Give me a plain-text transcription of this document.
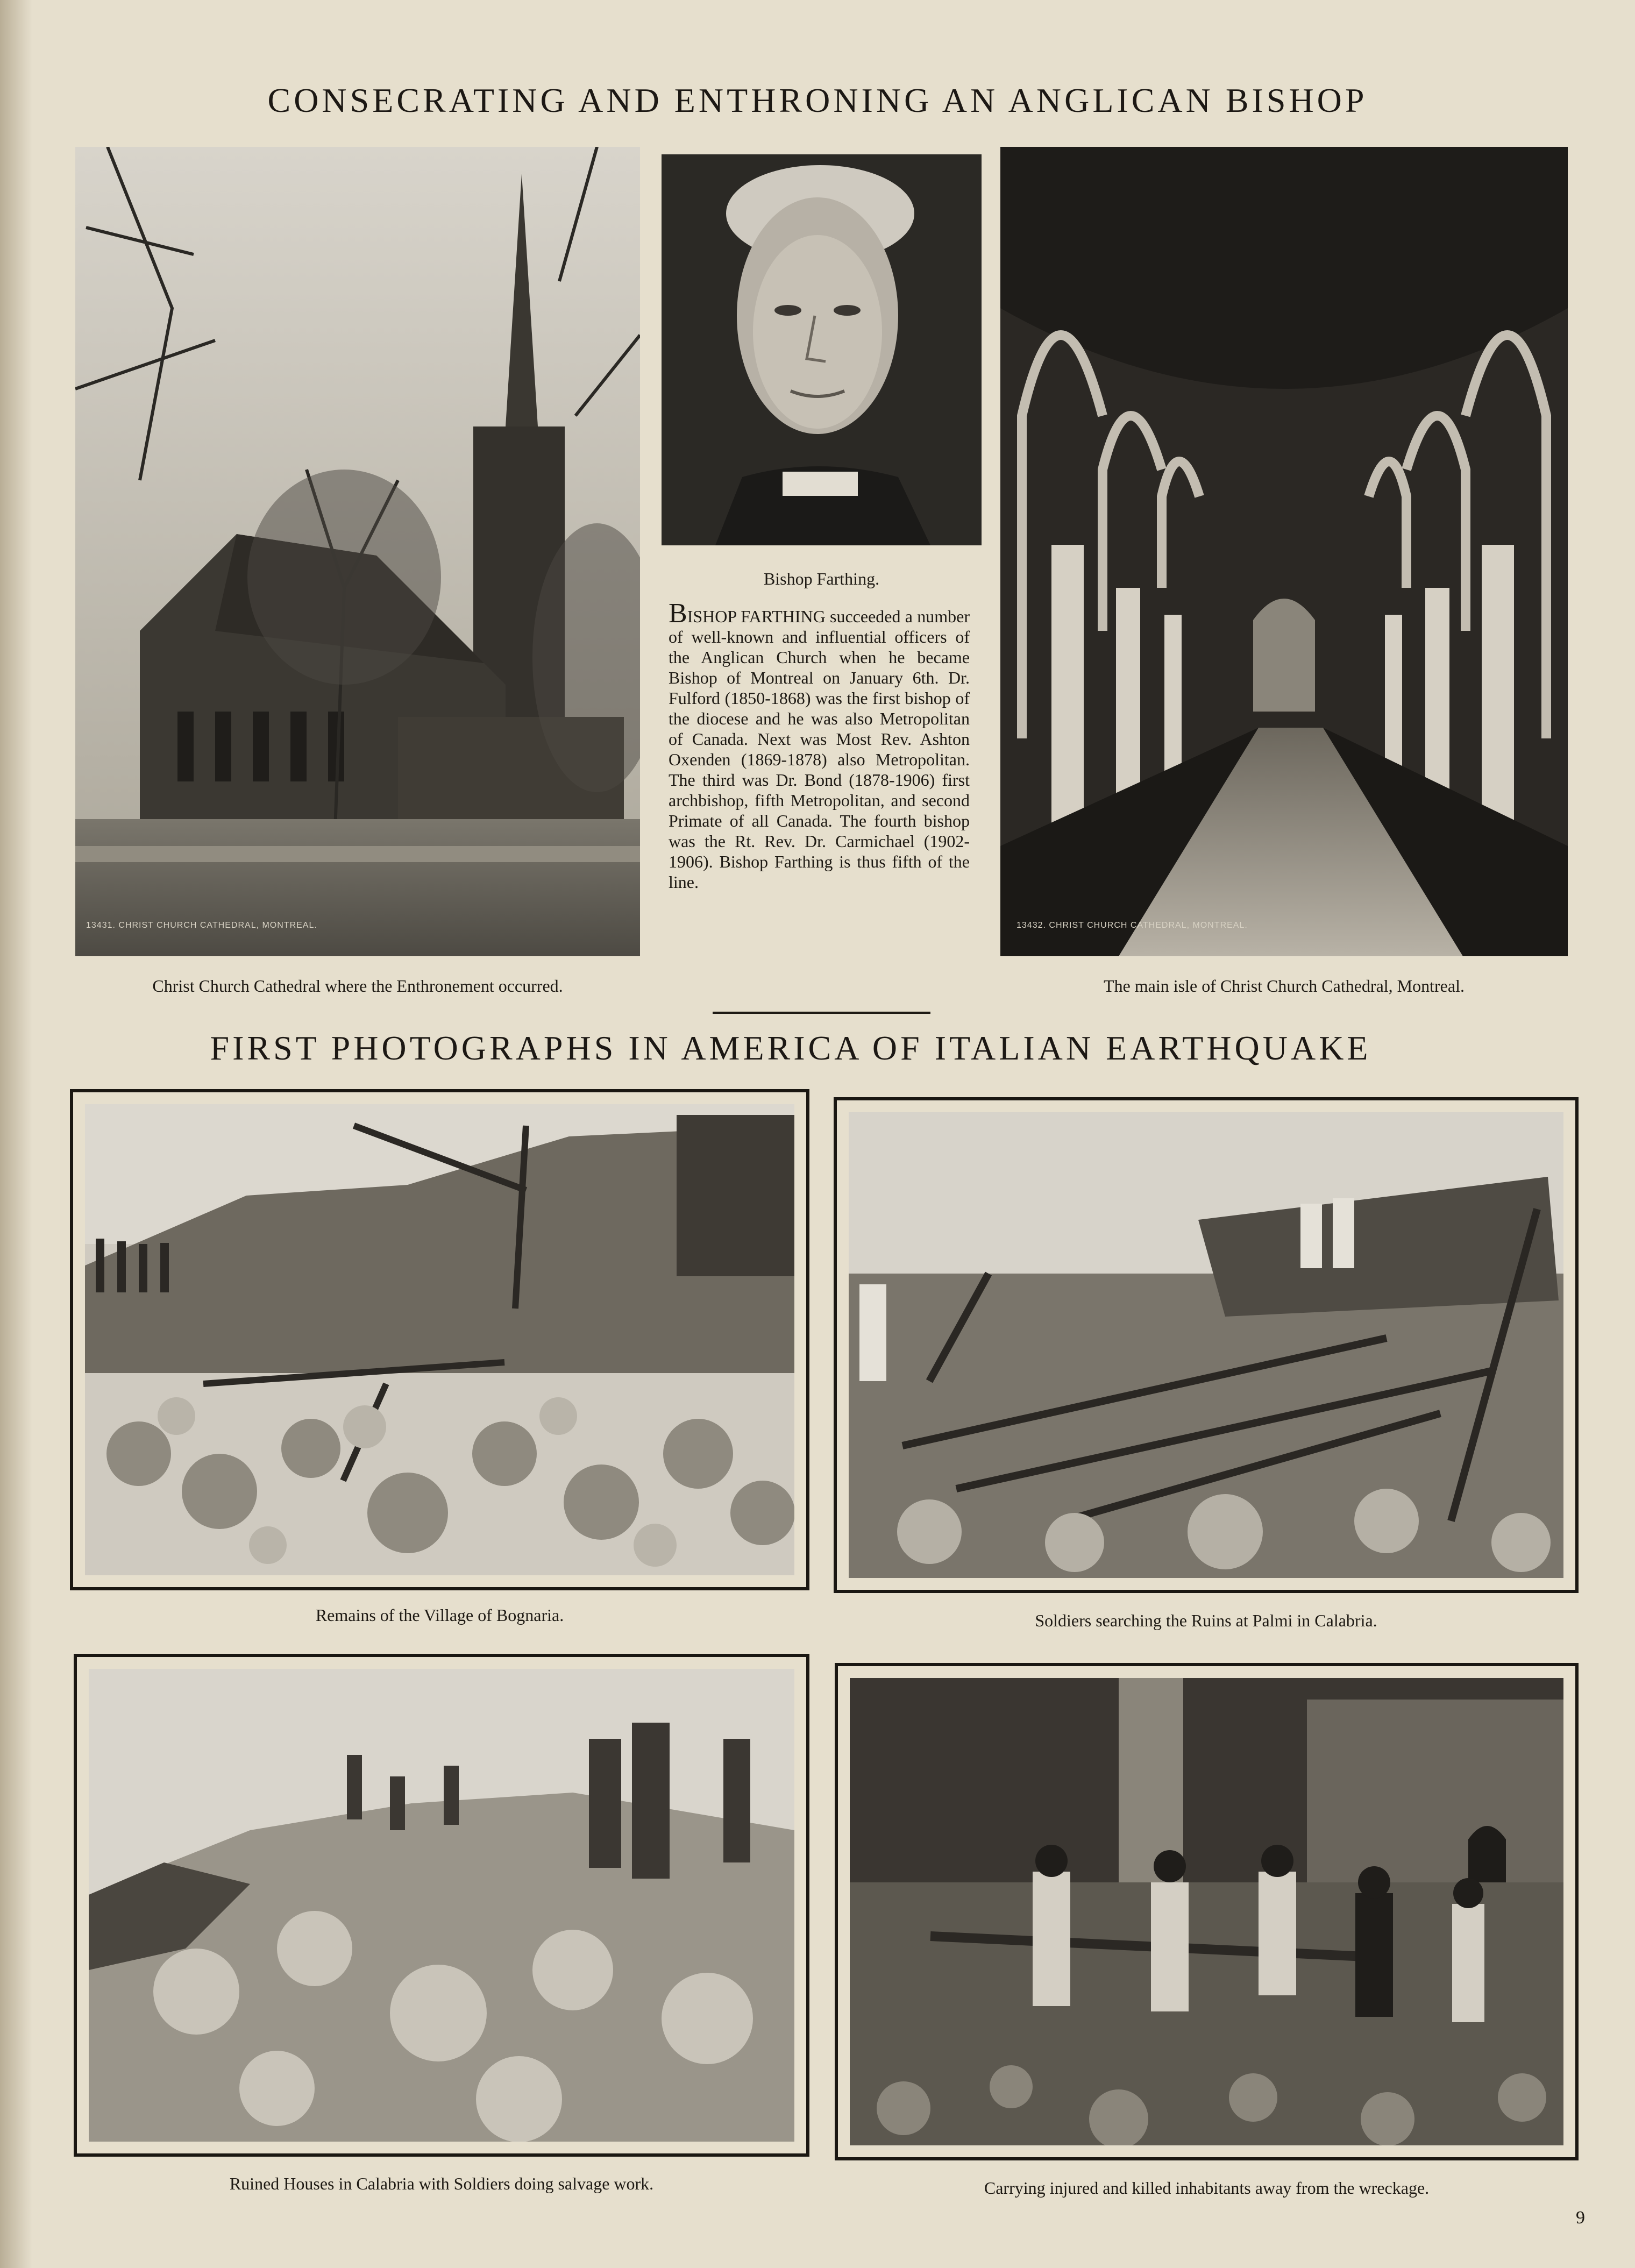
CONSECRATING AND ENTHRONING AN ANGLICAN BISHOP
13431. CHRIST CHURCH CATHEDRAL, MONTREAL.
Christ Church Cathedral where the Enthronement occurred.
Bishop Farthing.
BISHOP FARTHING succeeded a number of well-known and influential officers of the Anglican Church when he became Bishop of Montreal on January 6th. Dr. Fulford (1850-1868) was the first bishop of the diocese and he was also Metropolitan of Canada. Next was Most Rev. Ashton Oxenden (1869-1878) also Metropolitan. The third was Dr. Bond (1878-1906) first archbishop, fifth Metropolitan, and second Primate of all Canada. The fourth bishop was the Rt. Rev. Dr. Carmichael (1902-1906). Bishop Farthing is thus fifth of the line.
13432. CHRIST CHURCH CATHEDRAL, MONTREAL.
The main isle of Christ Church Cathedral, Montreal.
FIRST PHOTOGRAPHS IN AMERICA OF ITALIAN EARTHQUAKE
Remains of the Village of Bognaria.	Soldiers searching the Ruins at Palmi in Calabria.
Ruined Houses in Calabria with Soldiers doing salvage work.	Carrying injured and killed inhabitants away from the wreckage.
9
